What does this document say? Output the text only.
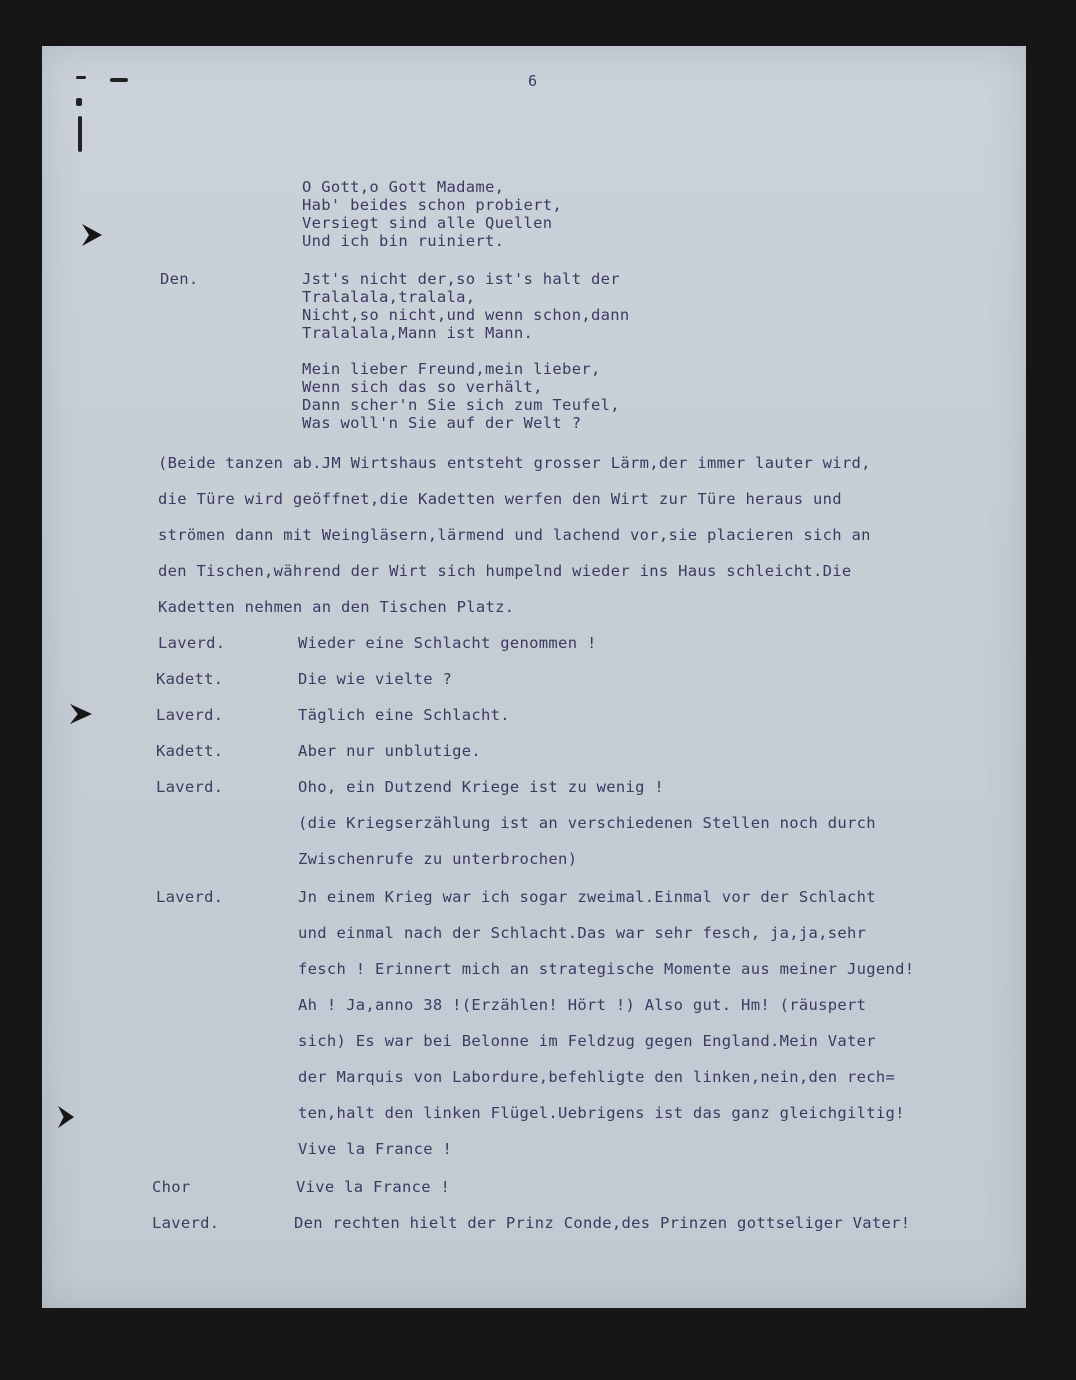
6
O Gott,o Gott Madame,
Hab' beides schon probiert,
Versiegt sind alle Quellen
Und ich bin ruiniert.
Den.	Jst's nicht der,so ist's halt der
Tralalala,tralala,
Nicht,so nicht,und wenn schon,dann
Tralalala,Mann ist Mann.
Mein lieber Freund,mein lieber,
Wenn sich das so verhält,
Dann scher'n Sie sich zum Teufel,
Was woll'n Sie auf der Welt ?
(Beide tanzen ab.JM Wirtshaus entsteht grosser Lärm,der immer lauter wird,
die Türe wird geöffnet,die Kadetten werfen den Wirt zur Türe heraus und
strömen dann mit Weingläsern,lärmend und lachend vor,sie placieren sich an
den Tischen,während der Wirt sich humpelnd wieder ins Haus schleicht.Die
Kadetten nehmen an den Tischen Platz.
Laverd.	Wieder eine Schlacht genommen !
Kadett.	Die wie vielte ?
Laverd.	Täglich eine Schlacht.
Kadett.	Aber nur unblutige.
Laverd.	Oho, ein Dutzend Kriege ist zu wenig !
(die Kriegserzählung ist an verschiedenen Stellen noch durch
Zwischenrufe zu unterbrochen)
Laverd.	Jn einem Krieg war ich sogar zweimal.Einmal vor der Schlacht
und einmal nach der Schlacht.Das war sehr fesch, ja,ja,sehr
fesch ! Erinnert mich an strategische Momente aus meiner Jugend!
Ah ! Ja,anno 38 !(Erzählen! Hört !) Also gut. Hm! (räuspert
sich) Es war bei Belonne im Feldzug gegen England.Mein Vater
der Marquis von Labordure,befehligte den linken,nein,den rech=
ten,halt den linken Flügel.Uebrigens ist das ganz gleichgiltig!
Vive la France !
Chor	Vive la France !
Laverd.	Den rechten hielt der Prinz Conde,des Prinzen gottseliger Vater!
